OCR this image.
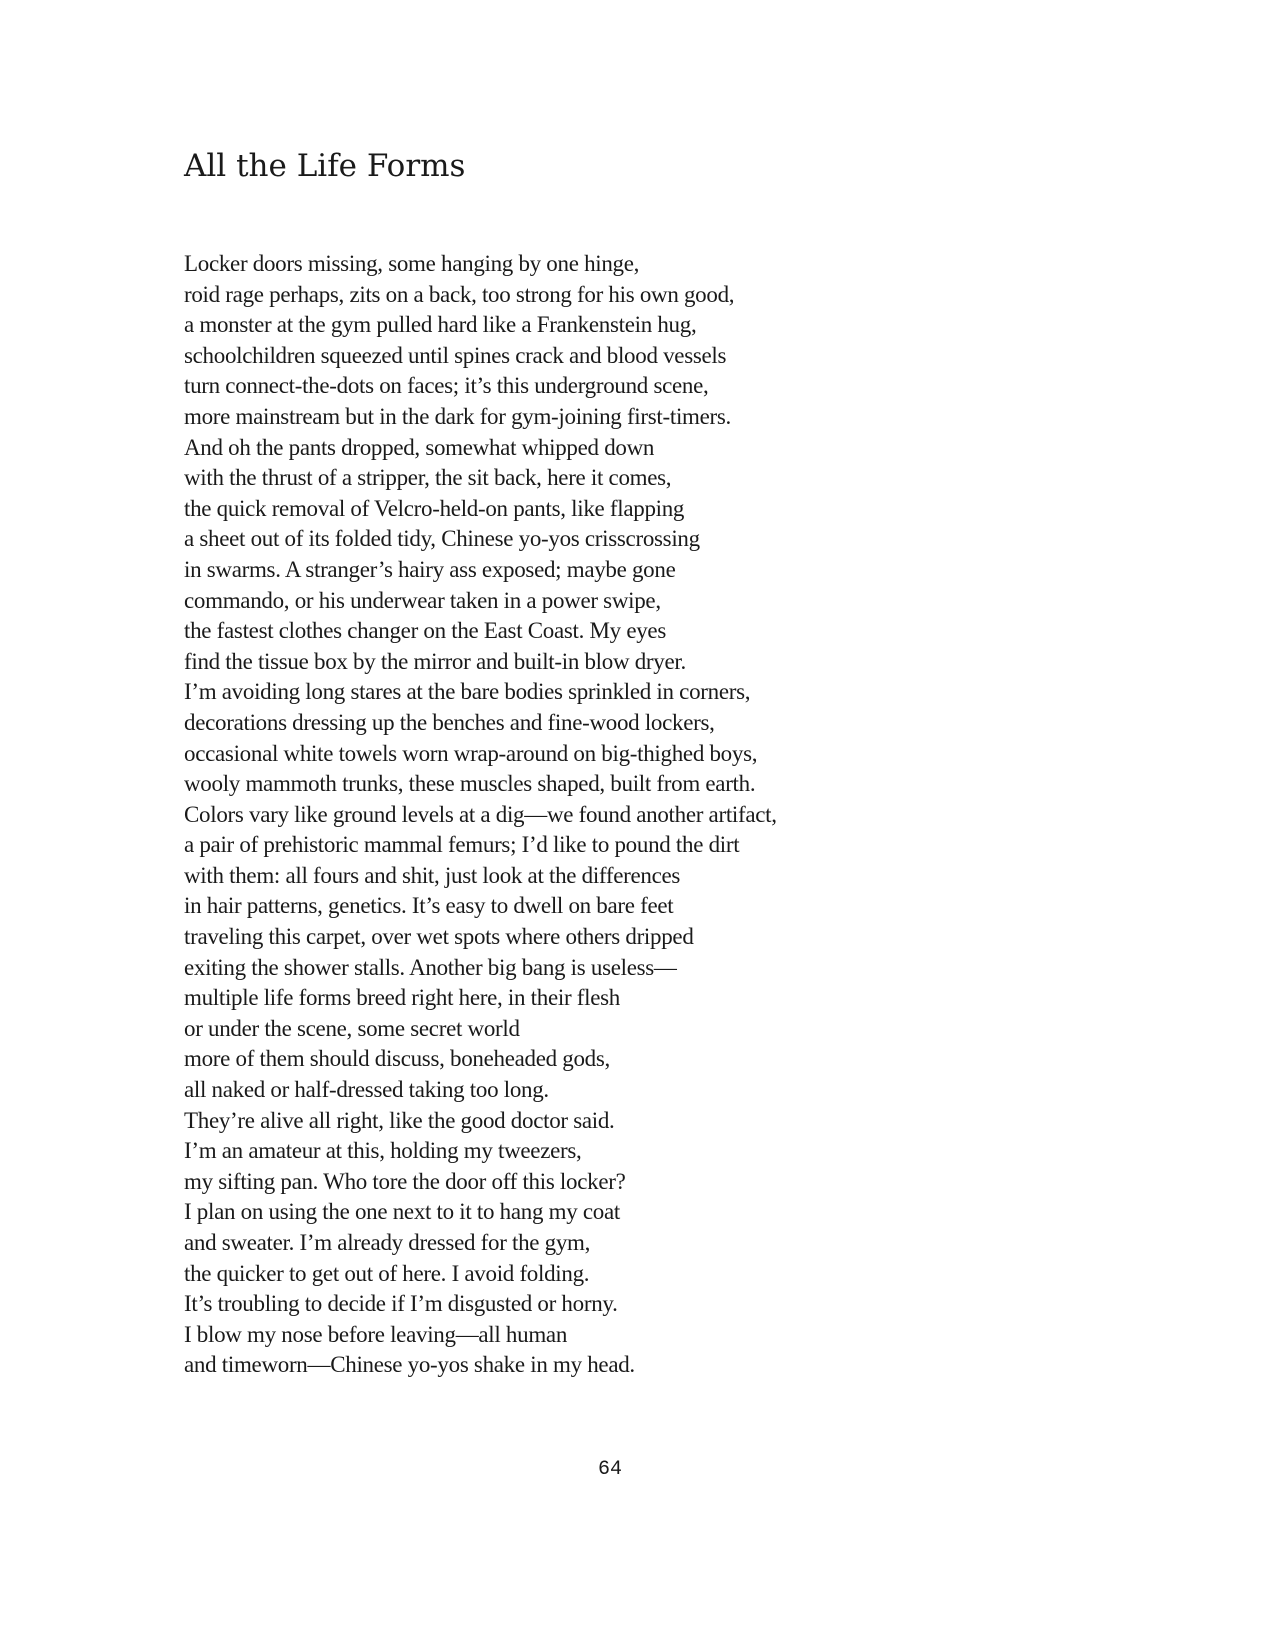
All the Life Forms
Locker doors missing, some hanging by one hinge,
roid rage perhaps, zits on a back, too strong for his own good,
a monster at the gym pulled hard like a Frankenstein hug,
schoolchildren squeezed until spines crack and blood vessels
turn connect-the-dots on faces; it’s this underground scene,
more mainstream but in the dark for gym-joining first-timers.
And oh the pants dropped, somewhat whipped down
with the thrust of a stripper, the sit back, here it comes,
the quick removal of Velcro-held-on pants, like flapping
a sheet out of its folded tidy, Chinese yo-yos crisscrossing
in swarms. A stranger’s hairy ass exposed; maybe gone
commando, or his underwear taken in a power swipe,
the fastest clothes changer on the East Coast. My eyes
find the tissue box by the mirror and built-in blow dryer.
I’m avoiding long stares at the bare bodies sprinkled in corners,
decorations dressing up the benches and fine-wood lockers,
occasional white towels worn wrap-around on big-thighed boys,
wooly mammoth trunks, these muscles shaped, built from earth.
Colors vary like ground levels at a dig—we found another artifact,
a pair of prehistoric mammal femurs; I’d like to pound the dirt
with them: all fours and shit, just look at the differences
in hair patterns, genetics. It’s easy to dwell on bare feet
traveling this carpet, over wet spots where others dripped
exiting the shower stalls. Another big bang is useless—
multiple life forms breed right here, in their flesh
or under the scene, some secret world
more of them should discuss, boneheaded gods,
all naked or half-dressed taking too long.
They’re alive all right, like the good doctor said.
I’m an amateur at this, holding my tweezers,
my sifting pan. Who tore the door off this locker?
I plan on using the one next to it to hang my coat
and sweater. I’m already dressed for the gym,
the quicker to get out of here. I avoid folding.
It’s troubling to decide if I’m disgusted or horny.
I blow my nose before leaving—all human
and timeworn—Chinese yo-yos shake in my head.
64
